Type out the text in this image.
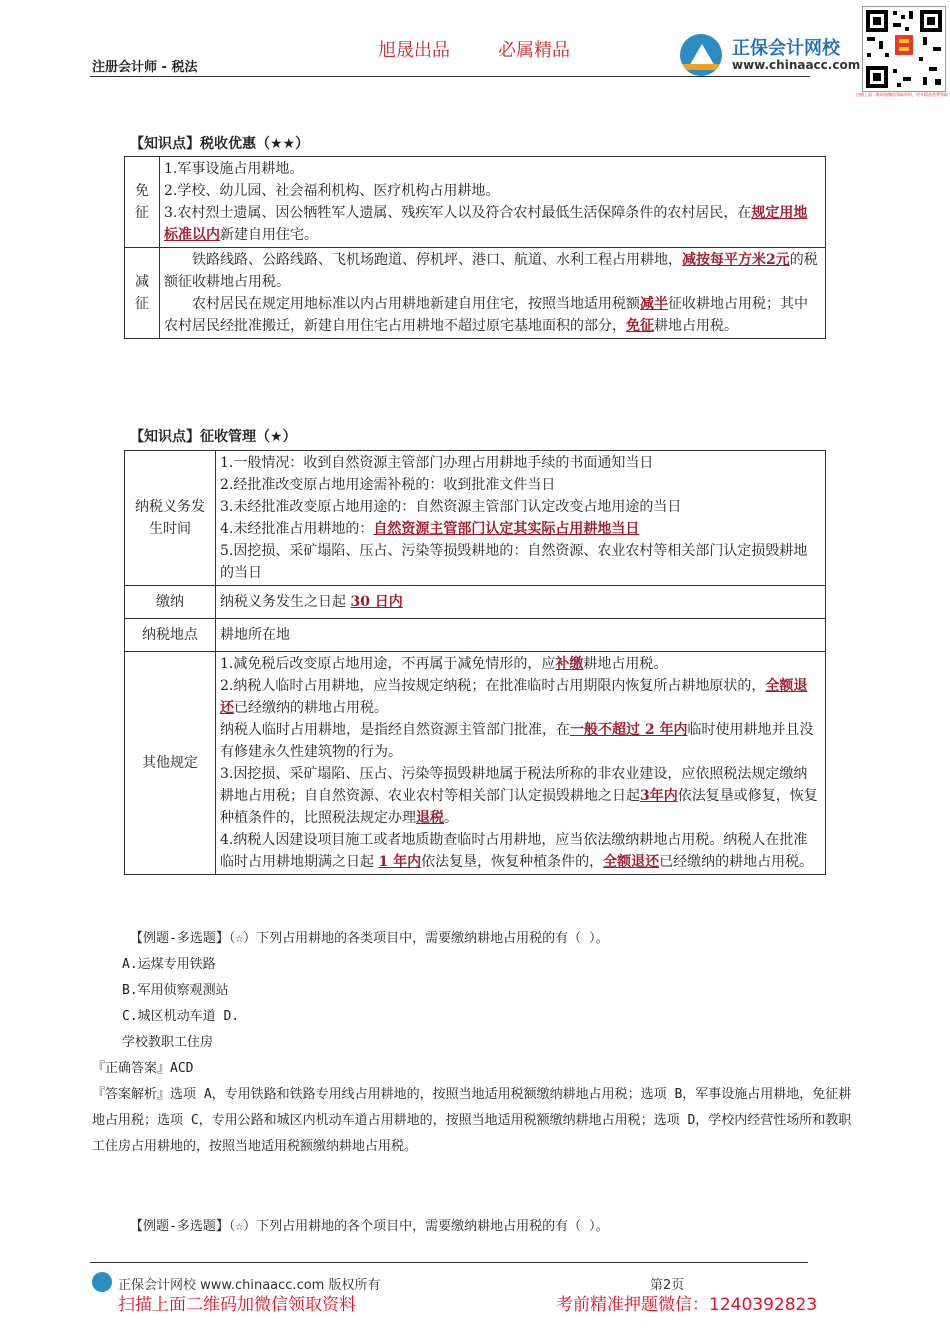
旭晟出品	必属精品
注册会计师 - 税法
正保会计网校
www.chinaacc.com
扫描上面二维码加微信领取资料，更多精品免费领取
【知识点】税收优惠（★★）
免征	1.军事设施占用耕地。
2.学校、幼儿园、社会福利机构、医疗机构占用耕地。
3.农村烈士遗属、因公牺牲军人遗属、残疾军人以及符合农村最低生活保障条件的农村居民，在规定用地标准以内新建自用住宅。

减征	铁路线路、公路线路、飞机场跑道、停机坪、港口、航道、水利工程占用耕地，减按每平方米2元的税额征收耕地占用税。
农村居民在规定用地标准以内占用耕地新建自用住宅，按照当地适用税额减半征收耕地占用税；其中农村居民经批准搬迁，新建自用住宅占用耕地不超过原宅基地面积的部分，免征耕地占用税。
【知识点】征收管理（★）
纳税义务发生时间	1.一般情况：收到自然资源主管部门办理占用耕地手续的书面通知当日
2.经批准改变原占地用途需补税的：收到批准文件当日
3.未经批准改变原占地用途的：自然资源主管部门认定改变占地用途的当日
4.未经批准占用耕地的：自然资源主管部门认定其实际占用耕地当日
5.因挖损、采矿塌陷、压占、污染等损毁耕地的：自然资源、农业农村等相关部门认定损毁耕地的当日

缴纳	纳税义务发生之日起 30 日内
纳税地点	耕地所在地
其他规定	1.减免税后改变原占地用途，不再属于减免情形的，应补缴耕地占用税。
2.纳税人临时占用耕地，应当按规定纳税；在批准临时占用期限内恢复所占耕地原状的，全额退还已经缴纳的耕地占用税。
纳税人临时占用耕地，是指经自然资源主管部门批准，在一般不超过 2 年内临时使用耕地并且没有修建永久性建筑物的行为。
3.因挖损、采矿塌陷、压占、污染等损毁耕地属于税法所称的非农业建设，应依照税法规定缴纳耕地占用税；自自然资源、农业农村等相关部门认定损毁耕地之日起3年内依法复垦或修复，恢复种植条件的，比照税法规定办理退税。
4.纳税人因建设项目施工或者地质勘查临时占用耕地，应当依法缴纳耕地占用税。纳税人在批准临时占用耕地期满之日起 1 年内依法复垦，恢复种植条件的，全额退还已经缴纳的耕地占用税。
【例题-多选题】（☆）下列占用耕地的各类项目中，需要缴纳耕地占用税的有（ ）。
A.运煤专用铁路
B.军用侦察观测站
C.城区机动车道 D.
学校教职工住房
『正确答案』ACD
『答案解析』选项 A，专用铁路和铁路专用线占用耕地的，按照当地适用税额缴纳耕地占用税；选项 B，军事设施占用耕地，免征耕地占用税；选项 C，专用公路和城区内机动车道占用耕地的，按照当地适用税额缴纳耕地占用税；选项 D，学校内经营性场所和教职工住房占用耕地的，按照当地适用税额缴纳耕地占用税。
【例题-多选题】（☆）下列占用耕地的各个项目中，需要缴纳耕地占用税的有（ ）。
正保会计网校 www.chinaacc.com 版权所有	第2页
扫描上面二维码加微信领取资料	考前精准押题微信：1240392823
